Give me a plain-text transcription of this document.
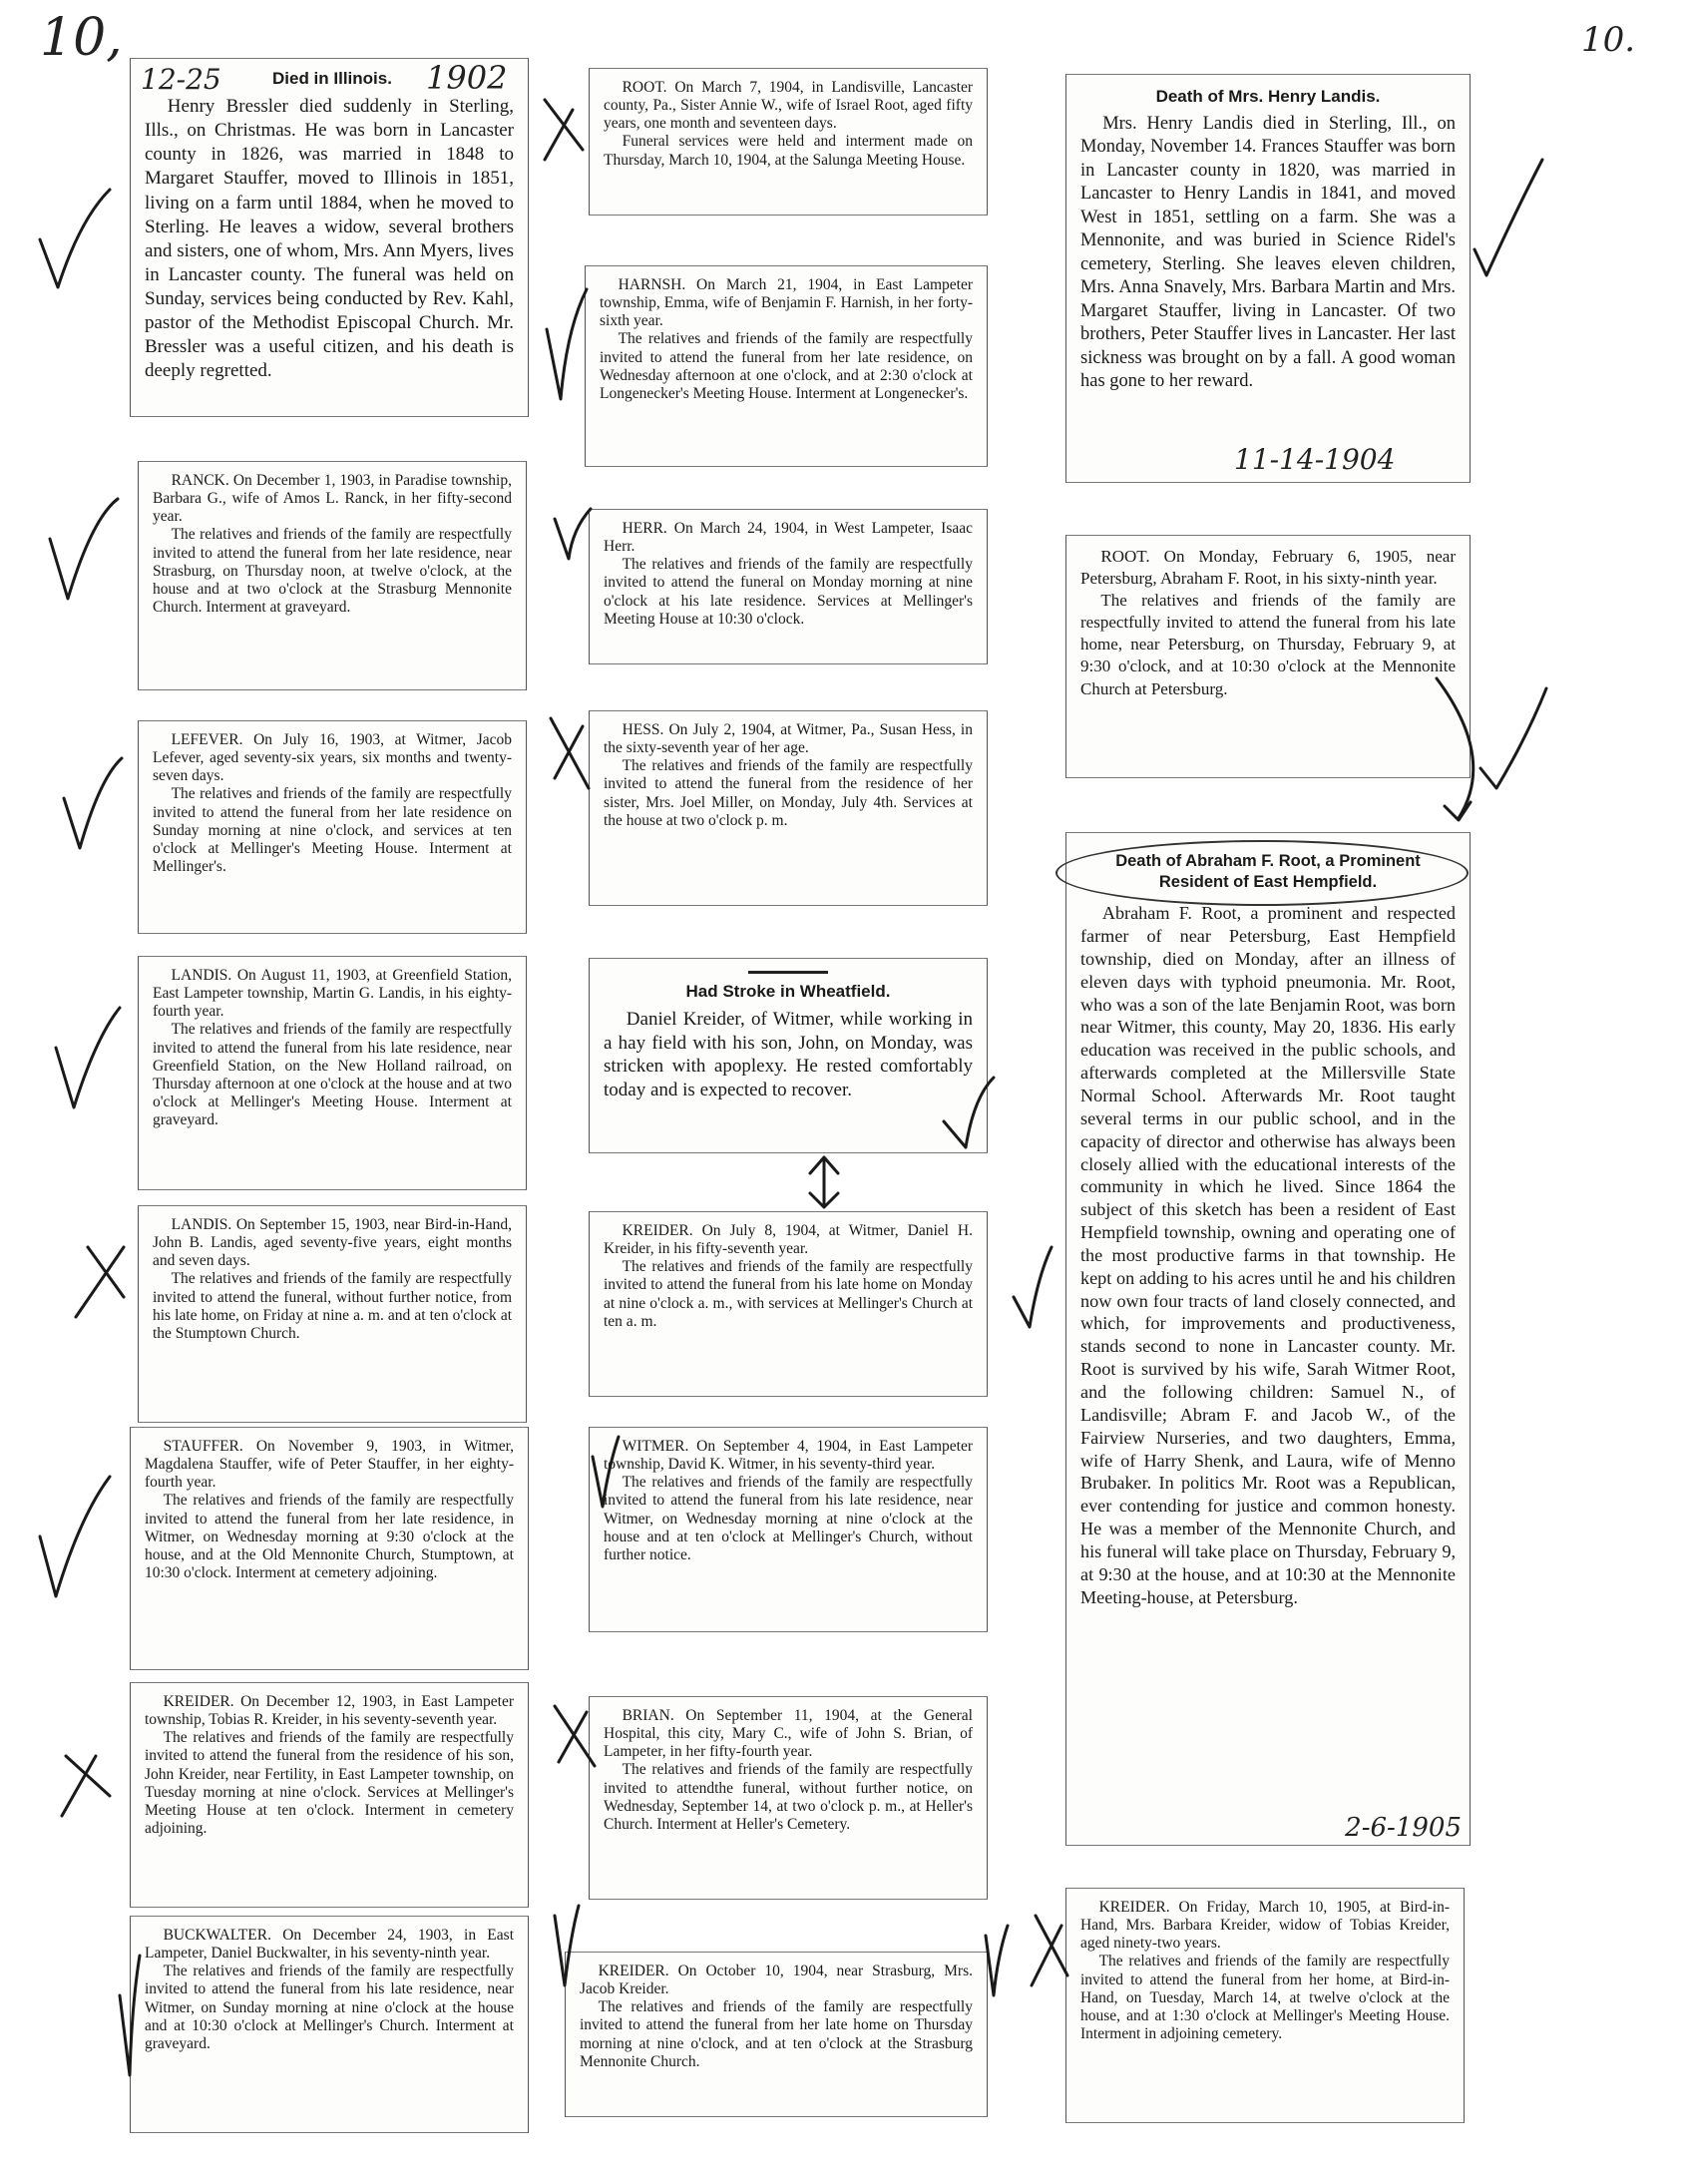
10,	10.
12-25	Died in Illinois. 1902

Henry Bressler died suddenly in Sterling, Ills., on Christmas. He was born in Lancaster county in 1826, was married in 1848 to Margaret Stauffer, moved to Illinois in 1851, living on a farm until 1884, when he moved to Sterling. He leaves a widow, several brothers and sisters, one of whom, Mrs. Ann Myers, lives in Lancaster county. The funeral was held on Sunday, services being conducted by Rev. Kahl, pastor of the Methodist Episcopal Church. Mr. Bressler was a useful citizen, and his death is deeply regretted.

RANCK. On December 1, 1903, in Paradise township, Barbara G., wife of Amos L. Ranck, in her fifty-second year.

The relatives and friends of the family are respectfully invited to attend the funeral from her late residence, near Strasburg, on Thursday noon, at twelve o'clock, at the house and at two o'clock at the Strasburg Mennonite Church. Interment at graveyard.

LEFEVER. On July 16, 1903, at Witmer, Jacob Lefever, aged seventy-six years, six months and twenty-seven days.

The relatives and friends of the family are respectfully invited to attend the funeral from her late residence on Sunday morning at nine o'clock, and services at ten o'clock at Mellinger's Meeting House. Interment at Mellinger's.

LANDIS. On August 11, 1903, at Greenfield Station, East Lampeter township, Martin G. Landis, in his eighty-fourth year.

The relatives and friends of the family are respectfully invited to attend the funeral from his late residence, near Greenfield Station, on the New Holland railroad, on Thursday afternoon at one o'clock at the house and at two o'clock at Mellinger's Meeting House. Interment at graveyard.

LANDIS. On September 15, 1903, near Bird-in-Hand, John B. Landis, aged seventy-five years, eight months and seven days.

The relatives and friends of the family are respectfully invited to attend the funeral, without further notice, from his late home, on Friday at nine a. m. and at ten o'clock at the Stumptown Church.

STAUFFER. On November 9, 1903, in Witmer, Magdalena Stauffer, wife of Peter Stauffer, in her eighty-fourth year.

The relatives and friends of the family are respectfully invited to attend the funeral from her late residence, in Witmer, on Wednesday morning at 9:30 o'clock at the house, and at the Old Mennonite Church, Stumptown, at 10:30 o'clock. Interment at cemetery adjoining.

KREIDER. On December 12, 1903, in East Lampeter township, Tobias R. Kreider, in his seventy-seventh year.

The relatives and friends of the family are respectfully invited to attend the funeral from the residence of his son, John Kreider, near Fertility, in East Lampeter township, on Tuesday morning at nine o'clock. Services at Mellinger's Meeting House at ten o'clock. Interment in cemetery adjoining.

BUCKWALTER. On December 24, 1903, in East Lampeter, Daniel Buckwalter, in his seventy-ninth year.

The relatives and friends of the family are respectfully invited to attend the funeral from his late residence, near Witmer, on Sunday morning at nine o'clock at the house and at 10:30 o'clock at Mellinger's Church. Interment at graveyard.

ROOT. On March 7, 1904, in Landisville, Lancaster county, Pa., Sister Annie W., wife of Israel Root, aged fifty years, one month and seventeen days.

Funeral services were held and interment made on Thursday, March 10, 1904, at the Salunga Meeting House.

HARNSH. On March 21, 1904, in East Lampeter township, Emma, wife of Benjamin F. Harnish, in her forty-sixth year.

The relatives and friends of the family are respectfully invited to attend the funeral from her late residence, on Wednesday afternoon at one o'clock, and at 2:30 o'clock at Longenecker's Meeting House. Interment at Longenecker's.

HERR. On March 24, 1904, in West Lampeter, Isaac Herr.

The relatives and friends of the family are respectfully invited to attend the funeral on Monday morning at nine o'clock at his late residence. Services at Mellinger's Meeting House at 10:30 o'clock.

HESS. On July 2, 1904, at Witmer, Pa., Susan Hess, in the sixty-seventh year of her age.

The relatives and friends of the family are respectfully invited to attend the funeral from the residence of her sister, Mrs. Joel Miller, on Monday, July 4th. Services at the house at two o'clock p. m.

Had Stroke in Wheatfield.

Daniel Kreider, of Witmer, while working in a hay field with his son, John, on Monday, was stricken with apoplexy. He rested comfortably today and is expected to recover.

KREIDER. On July 8, 1904, at Witmer, Daniel H. Kreider, in his fifty-seventh year.

The relatives and friends of the family are respectfully invited to attend the funeral from his late home on Monday at nine o'clock a. m., with services at Mellinger's Church at ten a. m.

WITMER. On September 4, 1904, in East Lampeter township, David K. Witmer, in his seventy-third year.

The relatives and friends of the family are respectfully invited to attend the funeral from his late residence, near Witmer, on Wednesday morning at nine o'clock at the house and at ten o'clock at Mellinger's Church, without further notice.

BRIAN. On September 11, 1904, at the General Hospital, this city, Mary C., wife of John S. Brian, of Lampeter, in her fifty-fourth year.

The relatives and friends of the family are respectfully invited to attendthe funeral, without further notice, on Wednesday, September 14, at two o'clock p. m., at Heller's Church. Interment at Heller's Cemetery.

KREIDER. On October 10, 1904, near Strasburg, Mrs. Jacob Kreider.

The relatives and friends of the family are respectfully invited to attend the funeral from her late home on Thursday morning at nine o'clock, and at ten o'clock at the Strasburg Mennonite Church.

Death of Mrs. Henry Landis.

Mrs. Henry Landis died in Sterling, Ill., on Monday, November 14. Frances Stauffer was born in Lancaster county in 1820, was married in Lancaster to Henry Landis in 1841, and moved West in 1851, settling on a farm. She was a Mennonite, and was buried in Science Ridel's cemetery, Sterling. She leaves eleven children, Mrs. Anna Snavely, Mrs. Barbara Martin and Mrs. Margaret Stauffer, living in Lancaster. Of two brothers, Peter Stauffer lives in Lancaster. Her last sickness was brought on by a fall. A good woman has gone to her reward.

11-14-1904

ROOT. On Monday, February 6, 1905, near Petersburg, Abraham F. Root, in his sixty-ninth year.

The relatives and friends of the family are respectfully invited to attend the funeral from his late home, near Petersburg, on Thursday, February 9, at 9:30 o'clock, and at 10:30 o'clock at the Mennonite Church at Petersburg.

Death of Abraham F. Root, a Prominent Resident of East Hempfield.

Abraham F. Root, a prominent and respected farmer of near Petersburg, East Hempfield township, died on Monday, after an illness of eleven days with typhoid pneumonia. Mr. Root, who was a son of the late Benjamin Root, was born near Witmer, this county, May 20, 1836. His early education was received in the public schools, and afterwards completed at the Millersville State Normal School. Afterwards Mr. Root taught several terms in our public school, and in the capacity of director and otherwise has always been closely allied with the educational interests of the community in which he lived. Since 1864 the subject of this sketch has been a resident of East Hempfield township, owning and operating one of the most productive farms in that township. He kept on adding to his acres until he and his children now own four tracts of land closely connected, and which, for improvements and productiveness, stands second to none in Lancaster county. Mr. Root is survived by his wife, Sarah Witmer Root, and the following children: Samuel N., of Landisville; Abram F. and Jacob W., of the Fairview Nurseries, and two daughters, Emma, wife of Harry Shenk, and Laura, wife of Menno Brubaker. In politics Mr. Root was a Republican, ever contending for justice and common honesty. He was a member of the Mennonite Church, and his funeral will take place on Thursday, February 9, at 9:30 at the house, and at 10:30 at the Mennonite Meeting-house, at Petersburg.

2-6-1905

KREIDER. On Friday, March 10, 1905, at Bird-in-Hand, Mrs. Barbara Kreider, widow of Tobias Kreider, aged ninety-two years.

The relatives and friends of the family are respectfully invited to attend the funeral from her home, at Bird-in-Hand, on Tuesday, March 14, at twelve o'clock at the house, and at 1:30 o'clock at Mellinger's Meeting House. Interment in adjoining cemetery.
